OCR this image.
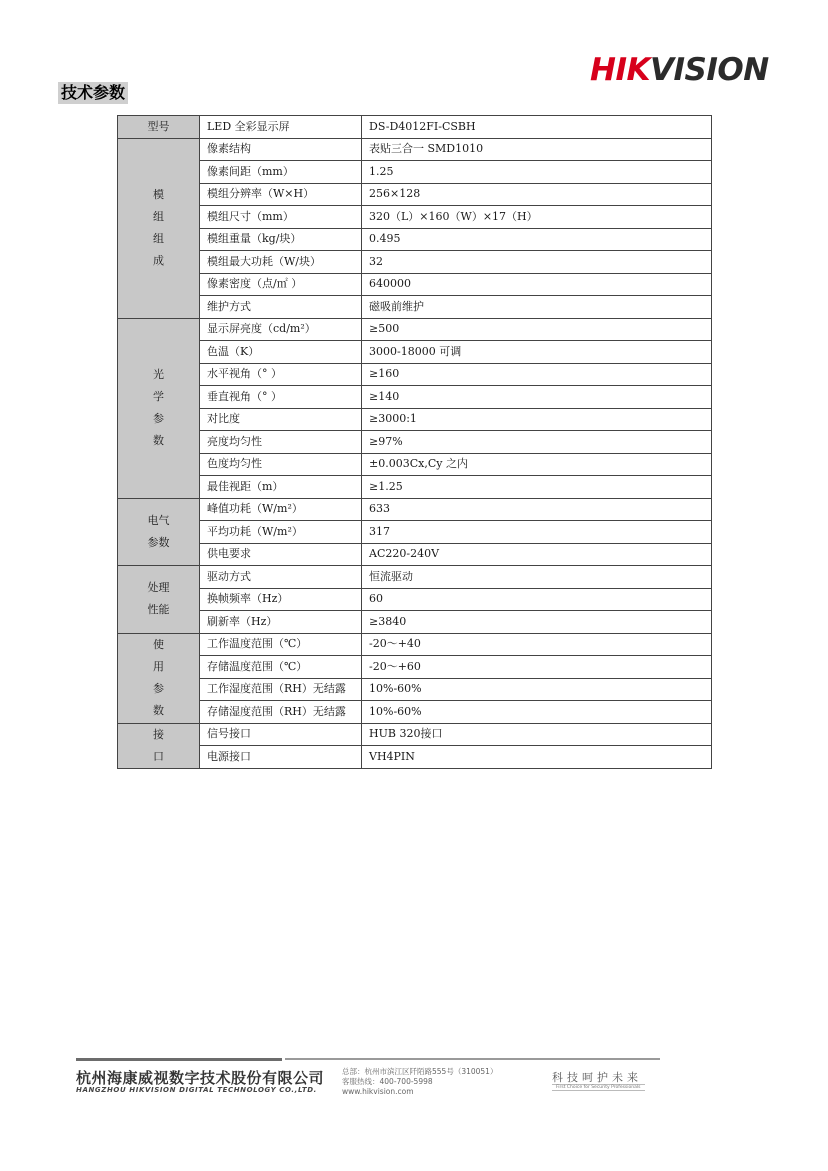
HIKVISION
技术参数
型号	LED 全彩显示屏	DS-D4012FI-CSBH

模
组
组
成	像素结构	表贴三合一 SMD1010
	像素间距（mm）	1.25
	模组分辨率（W×H）	256×128
	模组尺寸（mm）	320（L）×160（W）×17（H）
	模组重量（kg/块）	0.495
	模组最大功耗（W/块）	32
	像素密度（点/㎡ ）	640000
	维护方式	磁吸前维护

光
学
参
数	显示屏亮度（cd/m²）	≥500
	色温（K）	3000-18000 可调
	水平视角（° ）	≥160
	垂直视角（° ）	≥140
	对比度	≥3000:1
	亮度均匀性	≥97%
	色度均匀性	±0.003Cx,Cy 之内
	最佳视距（m）	≥1.25

电气
参数	峰值功耗（W/m²）	633
	平均功耗（W/m²）	317
	供电要求	AC220-240V

处理
性能	驱动方式	恒流驱动
	换帧频率（Hz）	60
	刷新率（Hz）	≥3840

使
用
参
数	工作温度范围（℃）	-20～+40
	存储温度范围（℃）	-20～+60
	工作湿度范围（RH）无结露	10%-60%
	存储湿度范围（RH）无结露	10%-60%

接
口	信号接口	HUB 320接口
	电源接口	VH4PIN
杭州海康威视数字技术股份有限公司
HANGZHOU HIKVISION DIGITAL TECHNOLOGY CO.,LTD.
总部：杭州市滨江区阡陌路555号（310051）
客服热线：400-700-5998
www.hikvision.com
科技呵护未来
First Choice for Security Professionals
